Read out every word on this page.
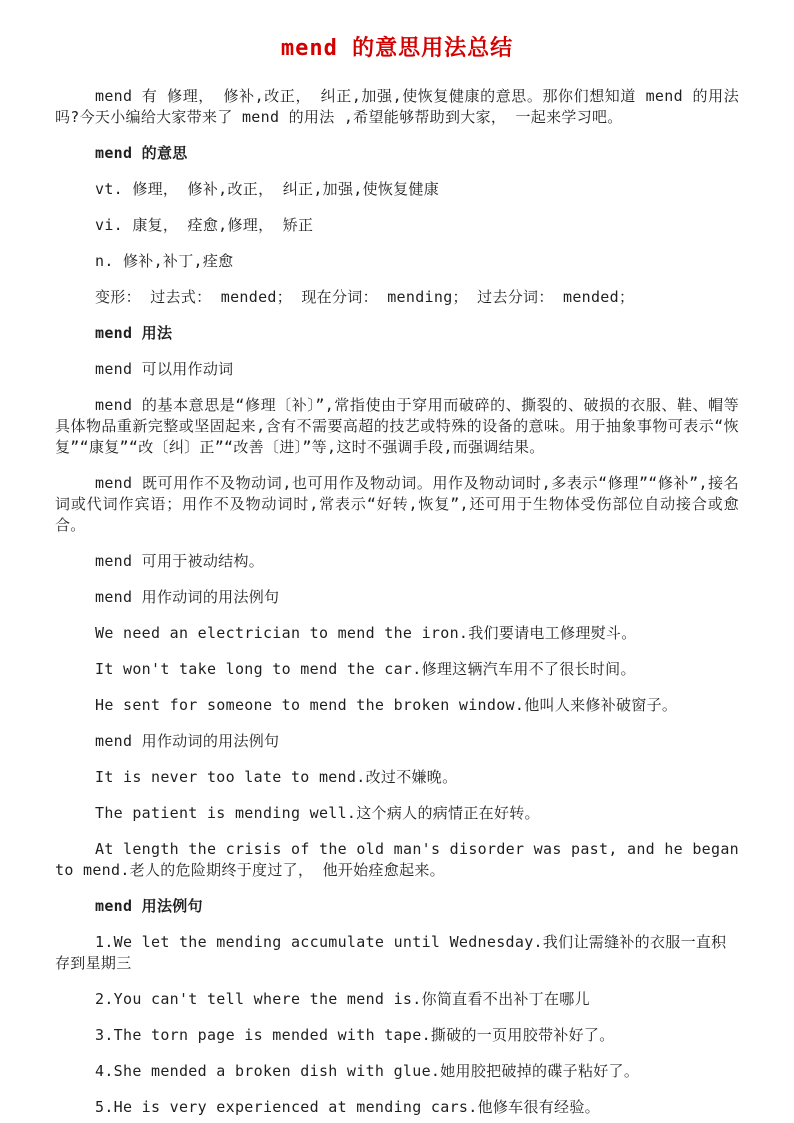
mend 的意思用法总结

mend 有 修理， 修补,改正， 纠正,加强,使恢复健康的意思。那你们想知道 mend 的用法 吗?今天小编给大家带来了 mend 的用法 ,希望能够帮助到大家， 一起来学习吧。

mend 的意思

vt. 修理， 修补,改正， 纠正,加强,使恢复健康

vi. 康复， 痊愈,修理， 矫正

n. 修补,补丁,痊愈

变形： 过去式： mended； 现在分词： mending； 过去分词： mended；

mend 用法

mend 可以用作动词

mend 的基本意思是“修理〔补〕”,常指使由于穿用而破碎的、撕裂的、破损的衣服、鞋、帽等具体物品重新完整或坚固起来,含有不需要高超的技艺或特殊的设备的意味。用于抽象事物可表示“恢复”“康复”“改〔纠〕正”“改善〔进〕”等,这时不强调手段,而强调结果。

mend 既可用作不及物动词,也可用作及物动词。用作及物动词时,多表示“修理”“修补”,接名词或代词作宾语；用作不及物动词时,常表示“好转,恢复”,还可用于生物体受伤部位自动接合或愈合。

mend 可用于被动结构。

mend 用作动词的用法例句

We need an electrician to mend the iron.我们要请电工修理熨斗。

It won't take long to mend the car.修理这辆汽车用不了很长时间。

He sent for someone to mend the broken window.他叫人来修补破窗子。

mend 用作动词的用法例句

It is never too late to mend.改过不嫌晚。

The patient is mending well.这个病人的病情正在好转。

At length the crisis of the old man's disorder was past, and he began to mend.老人的危险期终于度过了， 他开始痊愈起来。

mend 用法例句

1.We let the mending accumulate until Wednesday.我们让需缝补的衣服一直积存到星期三

2.You can't tell where the mend is.你简直看不出补丁在哪儿

3.The torn page is mended with tape.撕破的一页用胶带补好了。

4.She mended a broken dish with glue.她用胶把破掉的碟子粘好了。

5.He is very experienced at mending cars.他修车很有经验。
